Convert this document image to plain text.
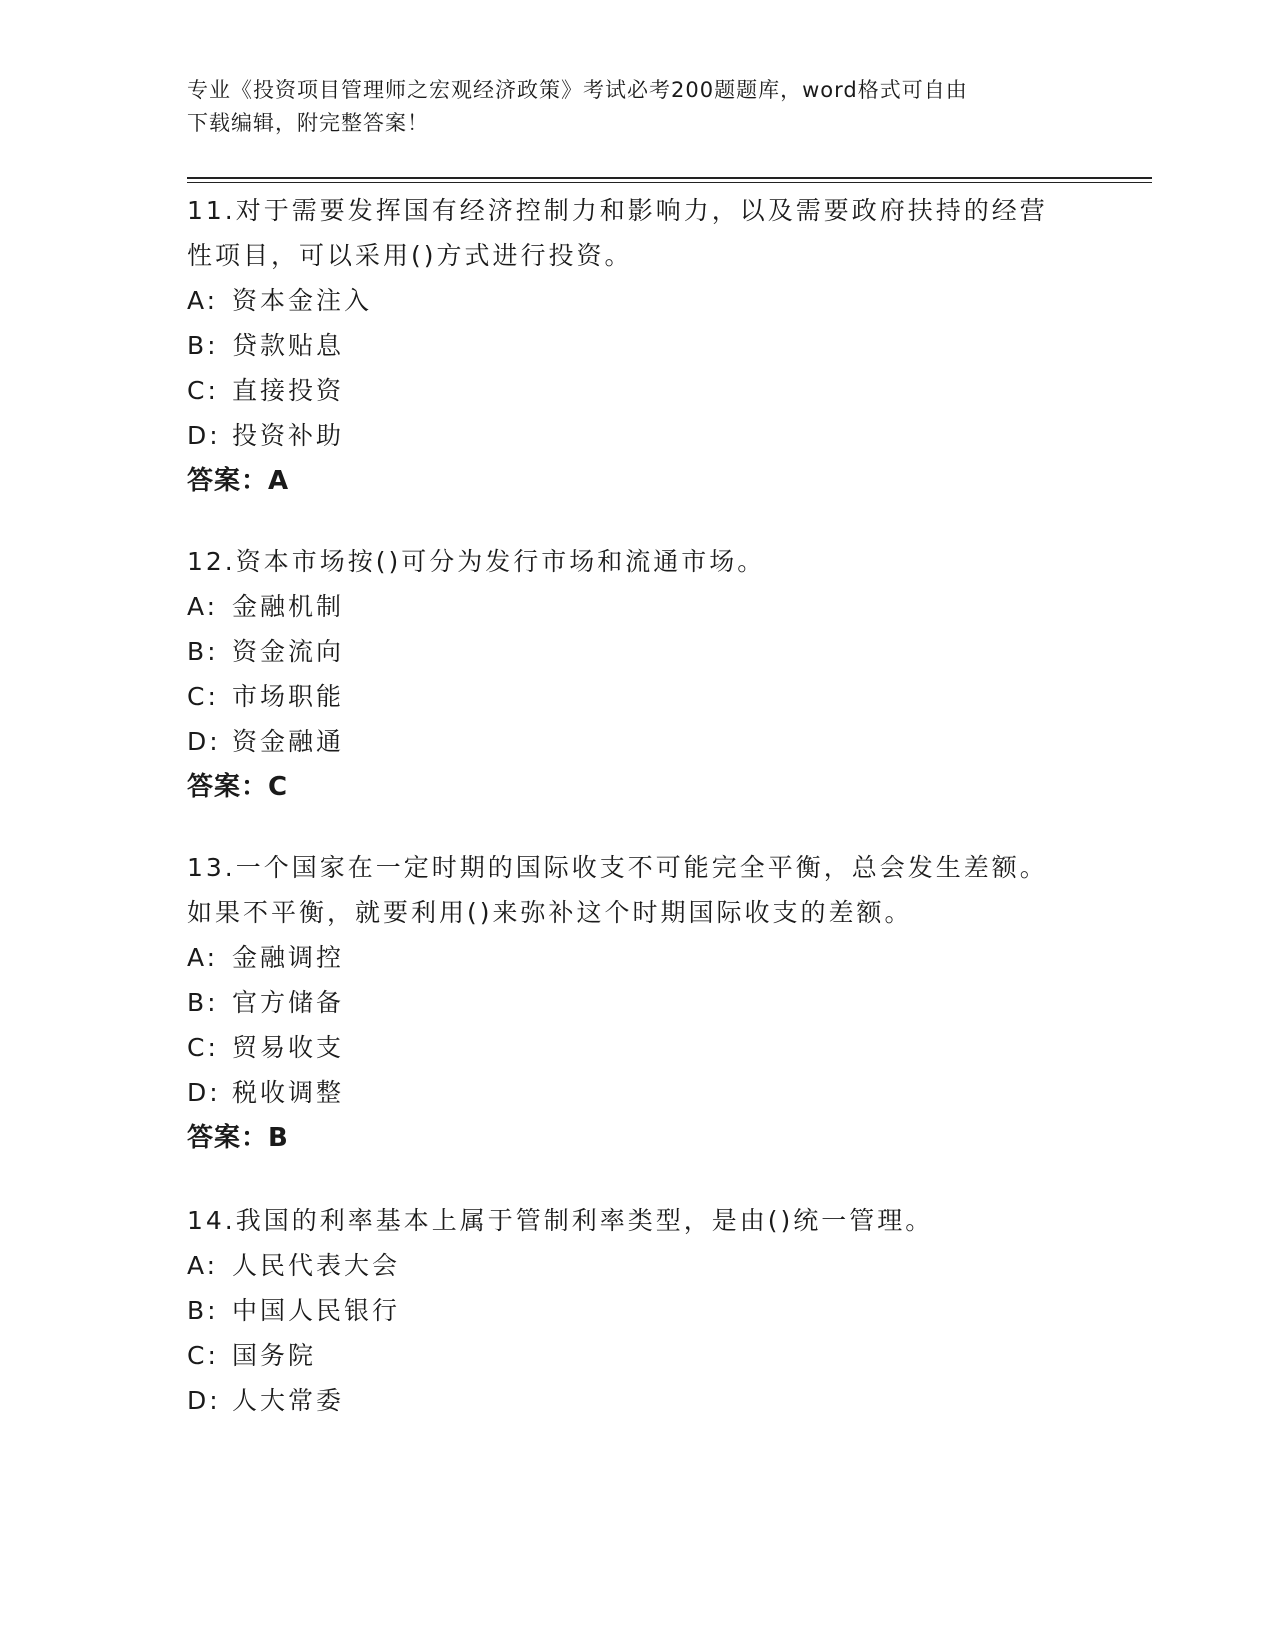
专业《投资项目管理师之宏观经济政策》考试必考200题题库，word格式可自由
下载编辑，附完整答案！

11.对于需要发挥国有经济控制力和影响力，以及需要政府扶持的经营

性项目，可以采用()方式进行投资。

A: 资本金注入

B: 贷款贴息

C: 直接投资

D: 投资补助

答案：A

12.资本市场按()可分为发行市场和流通市场。

A: 金融机制

B: 资金流向

C: 市场职能

D: 资金融通

答案：C

13.一个国家在一定时期的国际收支不可能完全平衡，总会发生差额。

如果不平衡，就要利用()来弥补这个时期国际收支的差额。

A: 金融调控

B: 官方储备

C: 贸易收支

D: 税收调整

答案：B

14.我国的利率基本上属于管制利率类型，是由()统一管理。

A: 人民代表大会

B: 中国人民银行

C: 国务院

D: 人大常委
